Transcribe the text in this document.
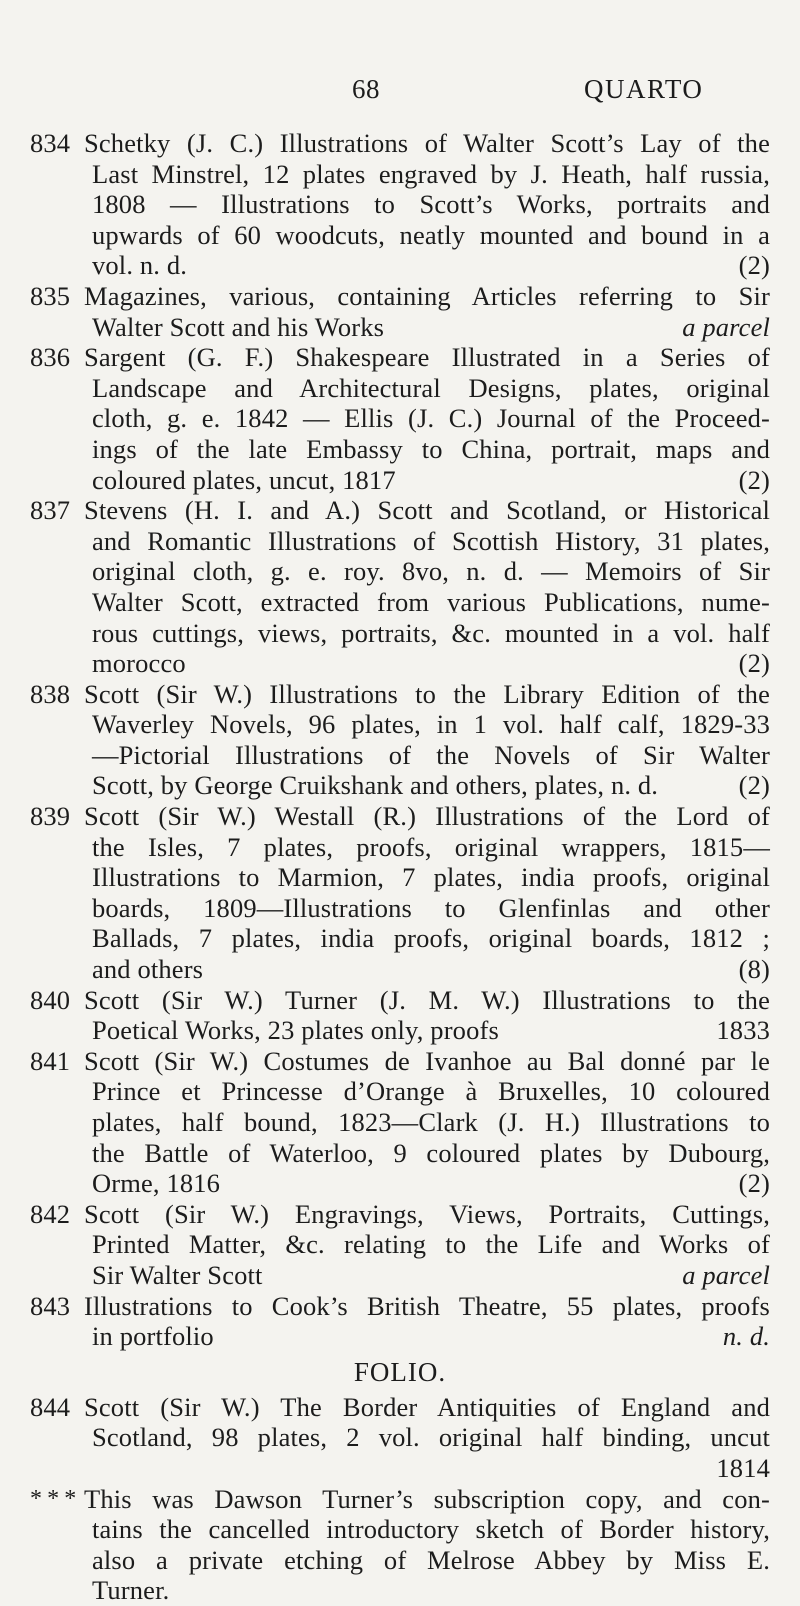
68	QUARTO
834 Schetky (J. C.) Illustrations of Walter Scott’s Lay of the
Last Minstrel, 12 plates engraved by J. Heath, half russia,
1808 — Illustrations to Scott’s Works, portraits and
upwards of 60 woodcuts, neatly mounted and bound in a
vol. n. d.	(2)
835 Magazines, various, containing Articles referring to Sir
Walter Scott and his Works	a parcel
836 Sargent (G. F.) Shakespeare Illustrated in a Series of
Landscape and Architectural Designs, plates, original
cloth, g. e. 1842 — Ellis (J. C.) Journal of the Proceed-
ings of the late Embassy to China, portrait, maps and
coloured plates, uncut, 1817	(2)
837 Stevens (H. I. and A.) Scott and Scotland, or Historical
and Romantic Illustrations of Scottish History, 31 plates,
original cloth, g. e. roy. 8vo, n. d. — Memoirs of Sir
Walter Scott, extracted from various Publications, nume-
rous cuttings, views, portraits, &c. mounted in a vol. half
morocco	(2)
838 Scott (Sir W.) Illustrations to the Library Edition of the
Waverley Novels, 96 plates, in 1 vol. half calf, 1829-33
—Pictorial Illustrations of the Novels of Sir Walter
Scott, by George Cruikshank and others, plates, n. d.	(2)
839 Scott (Sir W.) Westall (R.) Illustrations of the Lord of
the Isles, 7 plates, proofs, original wrappers, 1815—
Illustrations to Marmion, 7 plates, india proofs, original
boards, 1809—Illustrations to Glenfinlas and other
Ballads, 7 plates, india proofs, original boards, 1812 ;
and others	(8)
840 Scott (Sir W.) Turner (J. M. W.) Illustrations to the
Poetical Works, 23 plates only, proofs	1833
841 Scott (Sir W.) Costumes de Ivanhoe au Bal donné par le
Prince et Princesse d’Orange à Bruxelles, 10 coloured
plates, half bound, 1823—Clark (J. H.) Illustrations to
the Battle of Waterloo, 9 coloured plates by Dubourg,
Orme, 1816	(2)
842 Scott (Sir W.) Engravings, Views, Portraits, Cuttings,
Printed Matter, &c. relating to the Life and Works of
Sir Walter Scott	a parcel
843 Illustrations to Cook’s British Theatre, 55 plates, proofs
in portfolio	n. d.
FOLIO.
844 Scott (Sir W.) The Border Antiquities of England and
Scotland, 98 plates, 2 vol. original half binding, uncut
1814
* * * This was Dawson Turner’s subscription copy, and con-
tains the cancelled introductory sketch of Border history,
also a private etching of Melrose Abbey by Miss E.
Turner.
